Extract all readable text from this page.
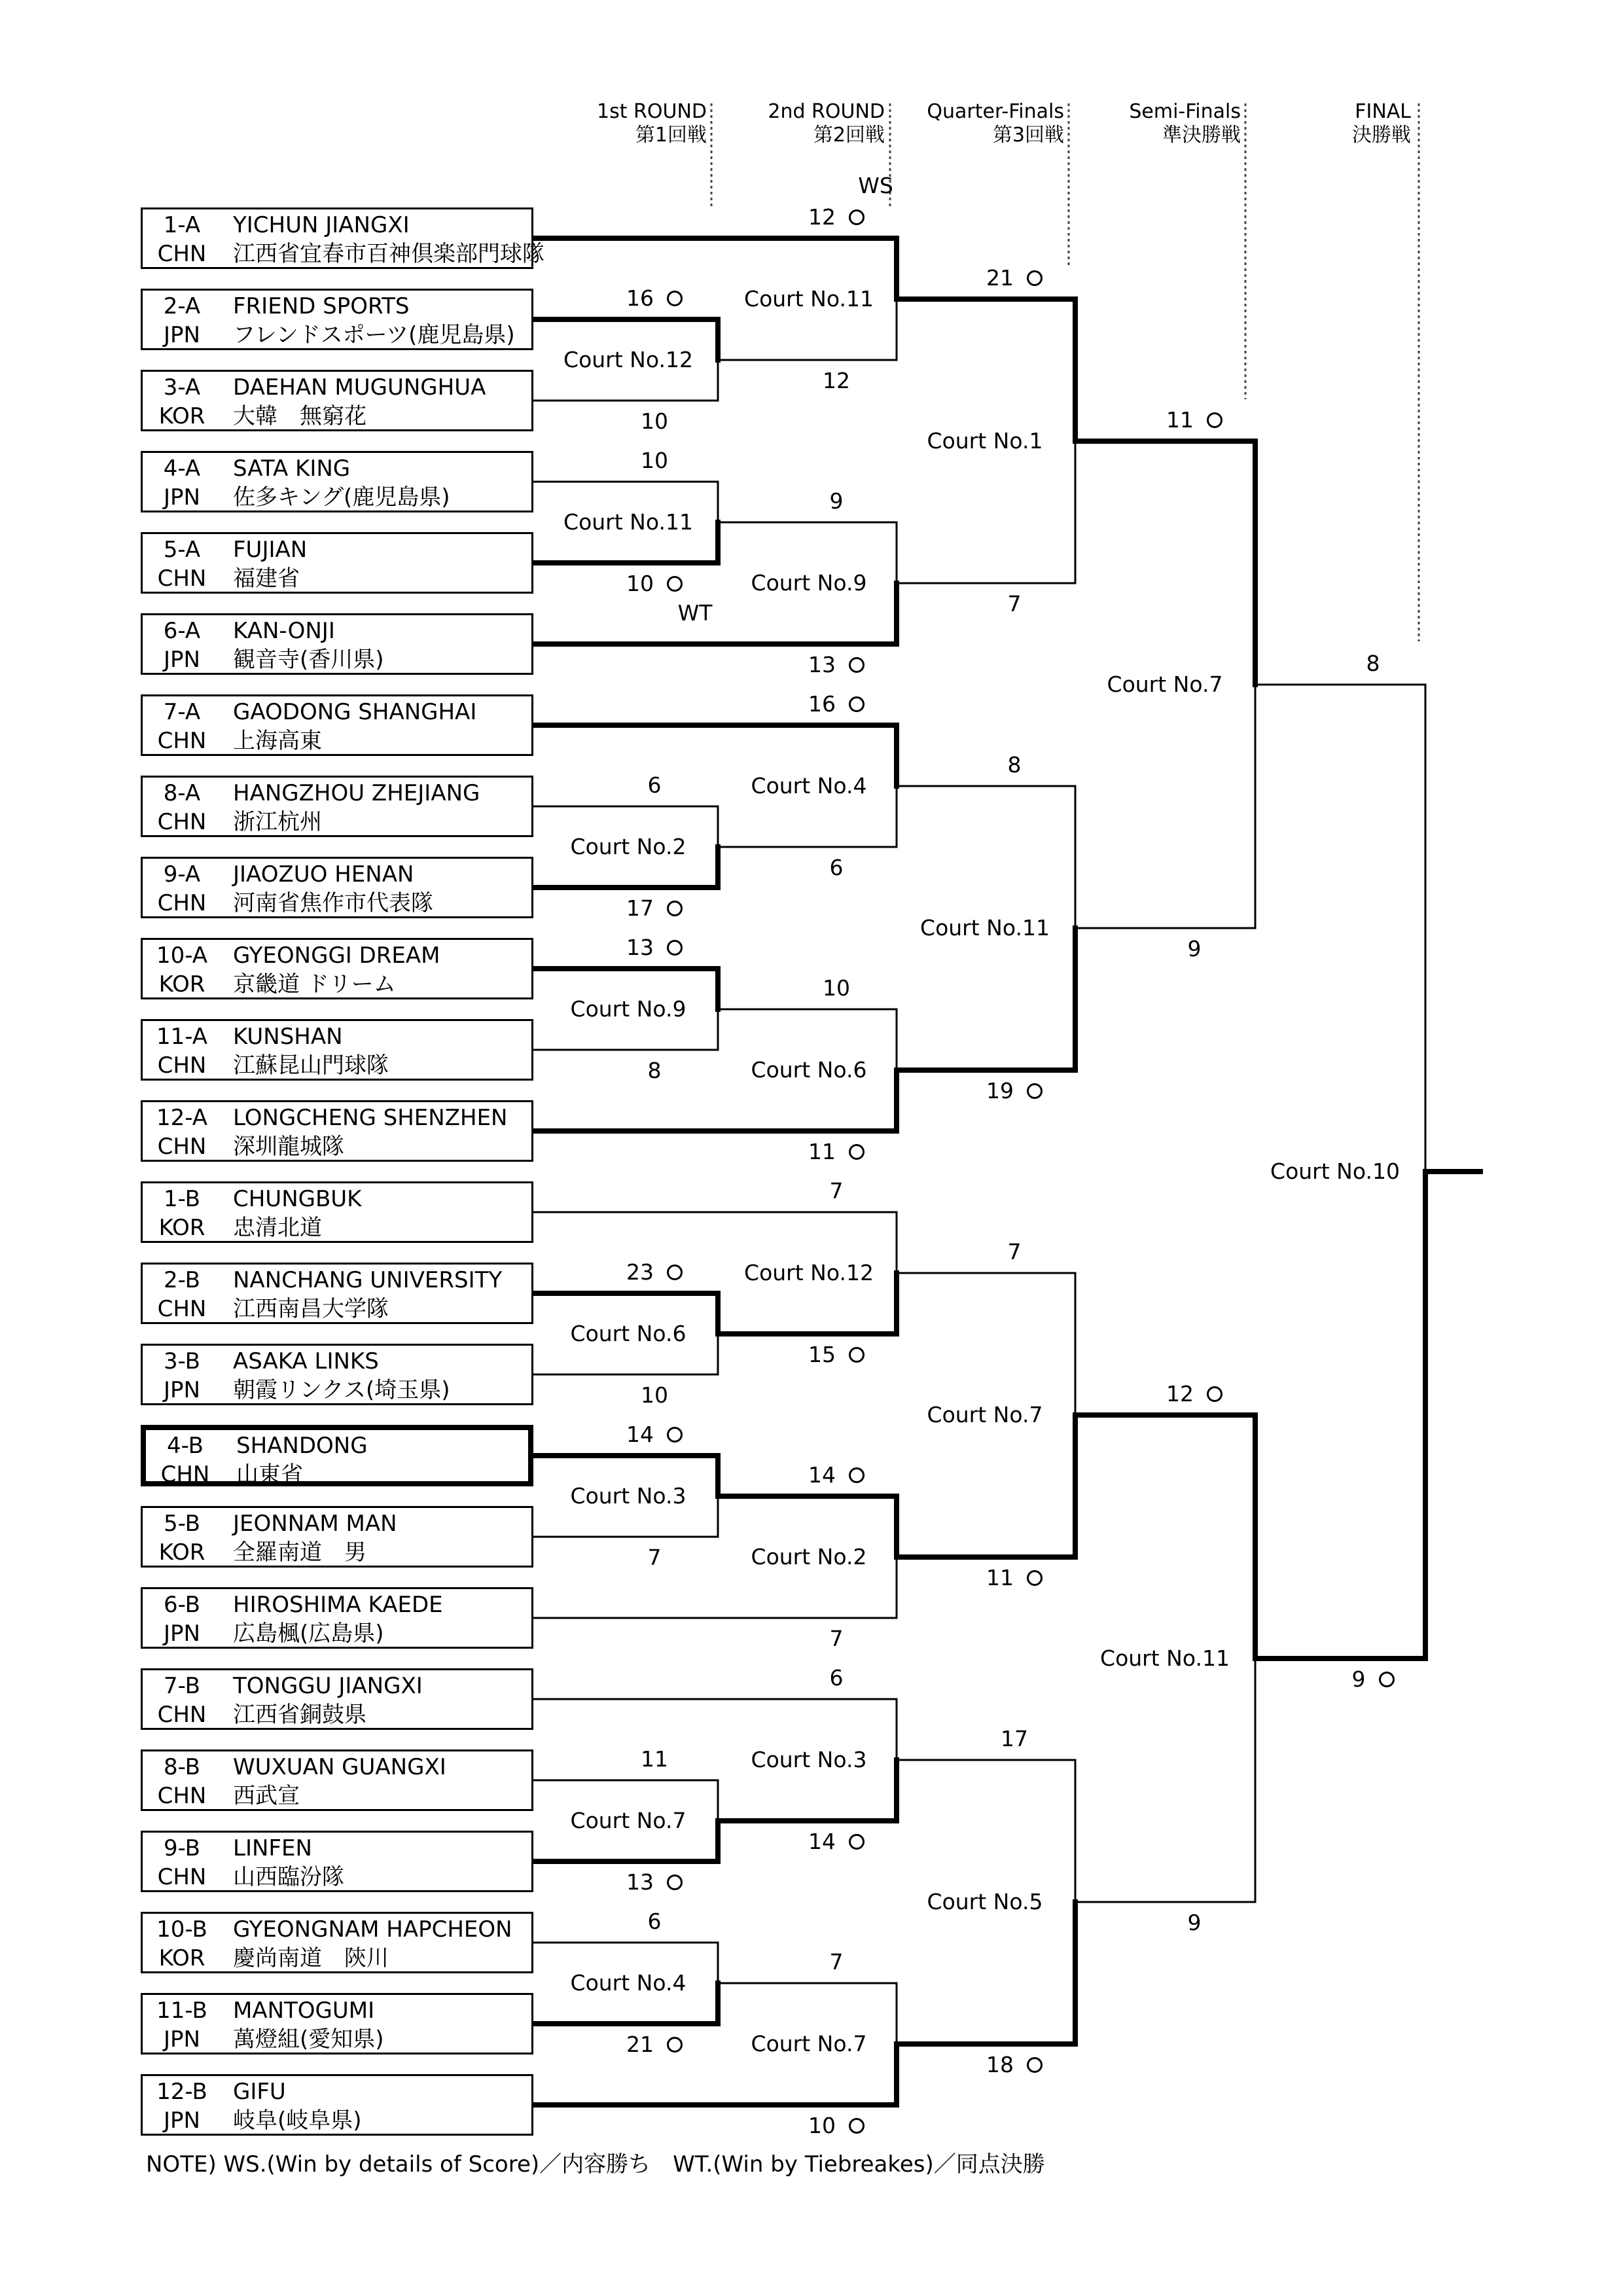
1st ROUND
第1回戦
2nd ROUND
第2回戦
Quarter-Finals
第3回戦
Semi-Finals
準決勝戦
FINAL
決勝戦
1-A
CHN
YICHUN JIANGXI
江西省宜春市百神倶楽部門球隊
2-A
JPN
FRIEND SPORTS
フレンドスポーツ(鹿児島県)
3-A
KOR
DAEHAN MUGUNGHUA
大韓　無窮花
4-A
JPN
SATA KING
佐多キング(鹿児島県)
5-A
CHN
FUJIAN
福建省
6-A
JPN
KAN-ONJI
観音寺(香川県)
7-A
CHN
GAODONG SHANGHAI
上海高東
8-A
CHN
HANGZHOU ZHEJIANG
浙江杭州
9-A
CHN
JIAOZUO HENAN
河南省焦作市代表隊
10-A
KOR
GYEONGGI DREAM
京畿道 ドリーム
11-A
CHN
KUNSHAN
江蘇昆山門球隊
12-A
CHN
LONGCHENG SHENZHEN
深圳龍城隊
1-B
KOR
CHUNGBUK
忠清北道
2-B
CHN
NANCHANG UNIVERSITY
江西南昌大学隊
3-B
JPN
ASAKA LINKS
朝霞リンクス(埼玉県)
4-B
CHN
SHANDONG
山東省
5-B
KOR
JEONNAM MAN
全羅南道　男
6-B
JPN
HIROSHIMA KAEDE
広島楓(広島県)
7-B
CHN
TONGGU JIANGXI
江西省銅鼓県
8-B
CHN
WUXUAN GUANGXI
西武宣
9-B
CHN
LINFEN
山西臨汾隊
10-B
KOR
GYEONGNAM HAPCHEON
慶尚南道　陝川
11-B
JPN
MANTOGUMI
萬燈組(愛知県)
12-B
JPN
GIFU
岐阜(岐阜県)
16
10
Court No.12
10
10
WT
Court No.11
6
17
Court No.2
13
8
Court No.9
23
10
Court No.6
14
7
Court No.3
11
13
Court No.7
6
21
Court No.4
12
12
WS
Court No.11
9
13
Court No.9
16
6
Court No.4
10
11
Court No.6
7
15
Court No.12
14
7
Court No.2
6
14
Court No.3
7
10
Court No.7
21
7
Court No.1
8
19
Court No.11
7
11
Court No.7
17
18
Court No.5
11
9
Court No.7
12
9
Court No.11
8
9
Court No.10
NOTE) WS.(Win by details of Score)／内容勝ち　WT.(Win by Tiebreakes)／同点決勝
